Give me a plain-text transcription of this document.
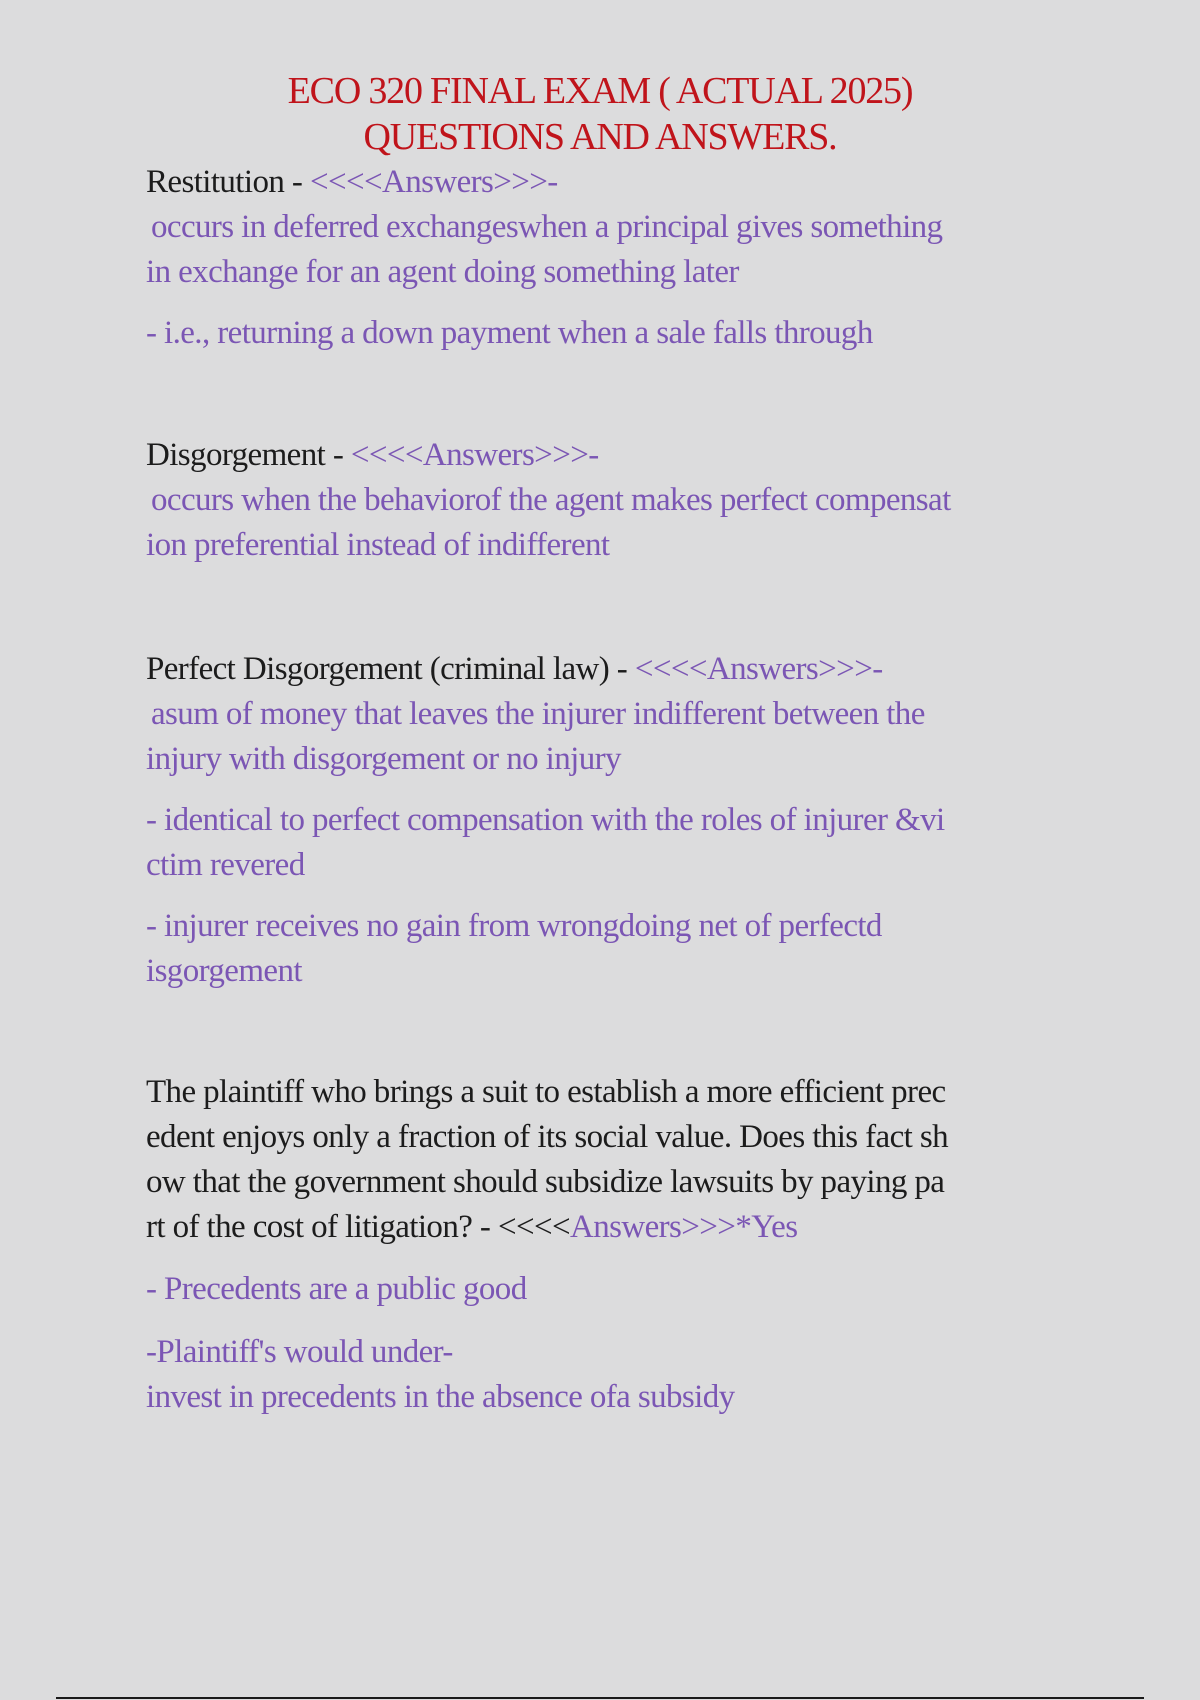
ECO 320 FINAL EXAM ( ACTUAL 2025)
QUESTIONS AND ANSWERS.
Restitution - <<<<Answers>>>-
occurs in deferred exchangeswhen a principal gives something
in exchange for an agent doing something later
- i.e., returning a down payment when a sale falls through
Disgorgement - <<<<Answers>>>-
occurs when the behaviorof the agent makes perfect compensat
ion preferential instead of indifferent
Perfect Disgorgement (criminal law) - <<<<Answers>>>-
asum of money that leaves the injurer indifferent between the
injury with disgorgement or no injury
- identical to perfect compensation with the roles of injurer &vi
ctim revered
- injurer receives no gain from wrongdoing net of perfectd
isgorgement
The plaintiff who brings a suit to establish a more efficient prec
edent enjoys only a fraction of its social value. Does this fact sh
ow that the government should subsidize lawsuits by paying pa
rt of the cost of litigation? - <<<<Answers>>>*Yes
- Precedents are a public good
-Plaintiff's would under-
invest in precedents in the absence ofa subsidy
